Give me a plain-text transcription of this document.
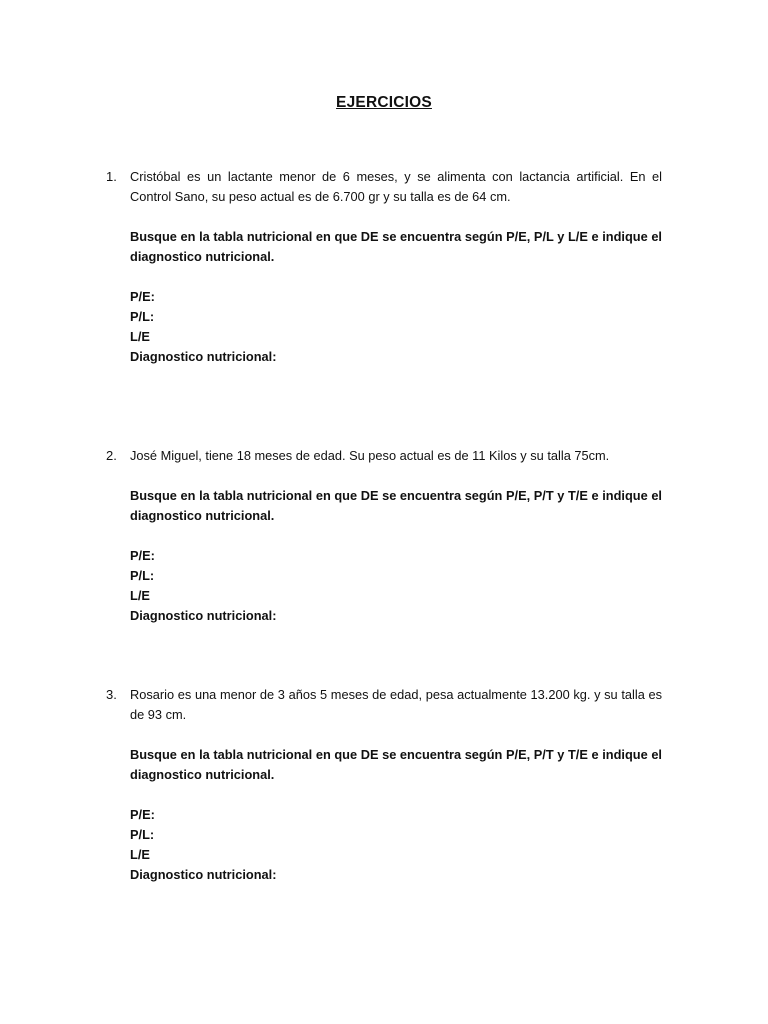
EJERCICIOS
1.	Cristóbal es un lactante menor de 6 meses, y se alimenta con lactancia artificial. En el Control Sano, su peso actual es de 6.700 gr y su talla es de 64 cm.
Busque en la tabla nutricional en que DE se encuentra según P/E, P/L y L/E e indique el diagnostico nutricional.
P/E:
P/L:
L/E
Diagnostico nutricional:
2.	José Miguel, tiene 18 meses de edad. Su peso actual es de 11 Kilos y su talla 75cm.
Busque en la tabla nutricional en que DE se encuentra según P/E, P/T y T/E e indique el diagnostico nutricional.
P/E:
P/L:
L/E
Diagnostico nutricional:
3.	Rosario es una menor de 3 años 5 meses de edad, pesa actualmente 13.200 kg. y su talla es de 93 cm.
Busque en la tabla nutricional en que DE se encuentra según P/E, P/T y T/E e indique el diagnostico nutricional.
P/E:
P/L:
L/E
Diagnostico nutricional:
